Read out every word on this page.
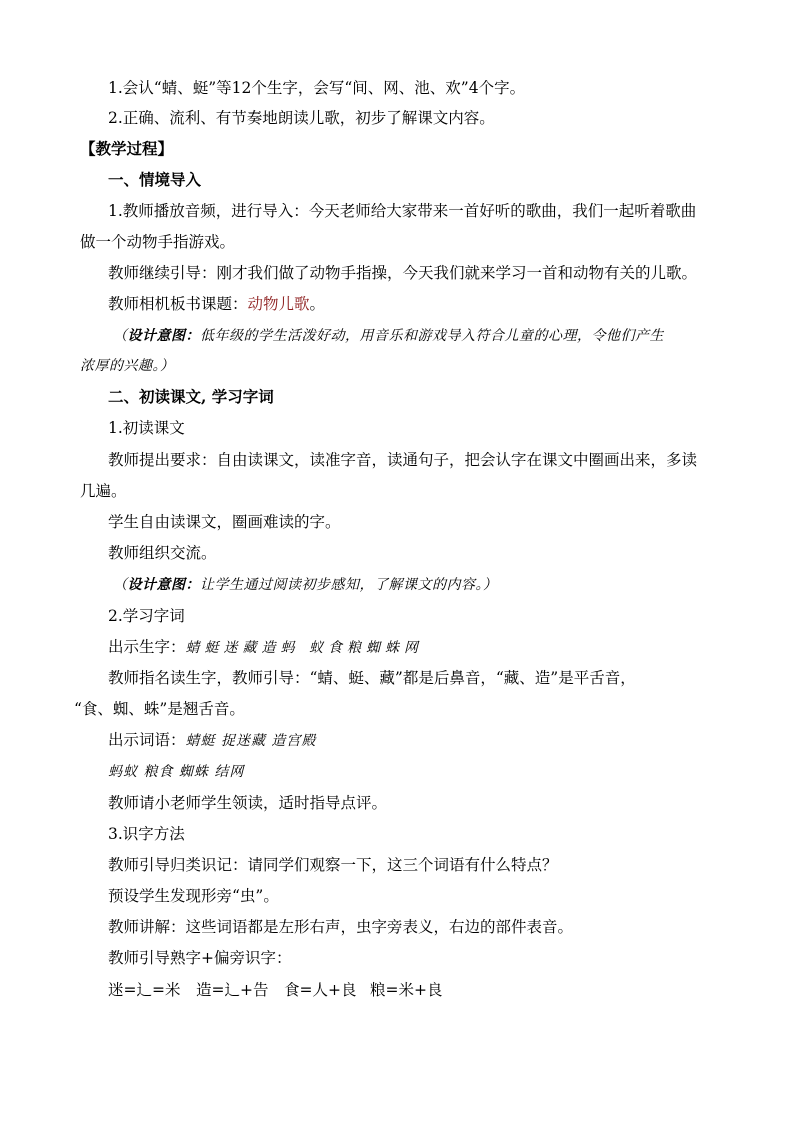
1.会认“蜻、蜓”等12个生字，会写“间、网、池、欢”4个字。
2.正确、流利、有节奏地朗读儿歌，初步了解课文内容。
【教学过程】
一、情境导入
1.教师播放音频，进行导入：今天老师给大家带来一首好听的歌曲，我们一起听着歌曲
做一个动物手指游戏。
教师继续引导：刚才我们做了动物手指操，今天我们就来学习一首和动物有关的儿歌。
教师相机板书课题：动物儿歌。
（设计意图：低年级的学生活泼好动，用音乐和游戏导入符合儿童的心理，令他们产生
浓厚的兴趣。）
二、初读课文, 学习字词
1.初读课文
教师提出要求：自由读课文，读准字音，读通句子，把会认字在课文中圈画出来，多读
几遍。
学生自由读课文，圈画难读的字。
教师组织交流。
（设计意图：让学生通过阅读初步感知，了解课文的内容。）
2.学习字词
出示生字：蜻蜓迷藏造蚂 蚁食粮蜘蛛网
教师指名读生字，教师引导：“蜻、蜓、藏”都是后鼻音，“藏、造”是平舌音，
“食、蜘、蛛”是翘舌音。
出示词语：蜻蜓 捉迷藏 造宫殿
蚂蚁 粮食 蜘蛛 结网
教师请小老师学生领读，适时指导点评。
3.识字方法
教师引导归类识记：请同学们观察一下，这三个词语有什么特点？
预设学生发现形旁“虫”。
教师讲解：这些词语都是左形右声，虫字旁表义，右边的部件表音。
教师引导熟字+偏旁识字：
迷=辶=米 造=辶+告 食=人+良 粮=米+良
